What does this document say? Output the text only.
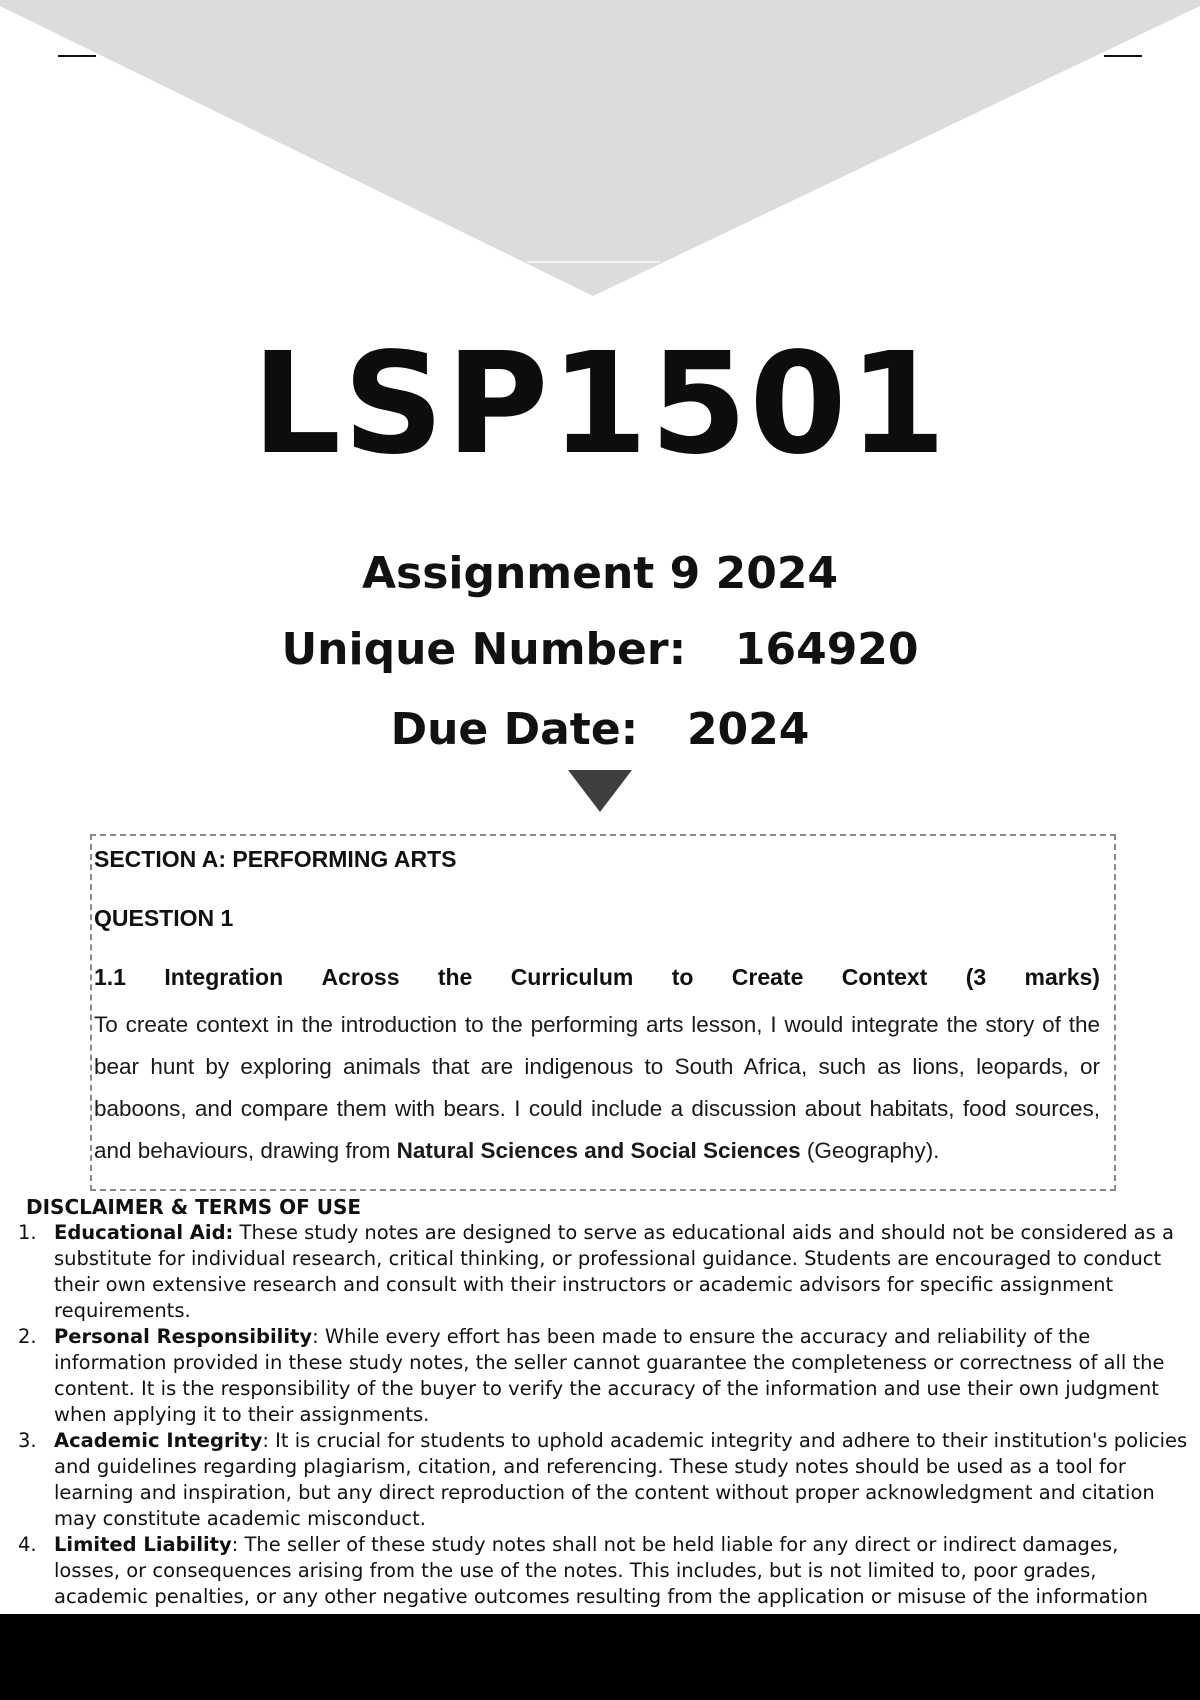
LSP1501
Assignment 9 2024
Unique Number: 164920
Due Date: 2024
SECTION A: PERFORMING ARTS
QUESTION 1
1.1 Integration Across the Curriculum to Create Context (3 marks)
To create context in the introduction to the performing arts lesson, I would integrate the story of the bear hunt by exploring animals that are indigenous to South Africa, such as lions, leopards, or baboons, and compare them with bears. I could include a discussion about habitats, food sources, and behaviours, drawing from Natural Sciences and Social Sciences (Geography).
DISCLAIMER & TERMS OF USE
1. Educational Aid: These study notes are designed to serve as educational aids and should not be considered as a substitute for individual research, critical thinking, or professional guidance. Students are encouraged to conduct their own extensive research and consult with their instructors or academic advisors for specific assignment requirements.
2. Personal Responsibility: While every effort has been made to ensure the accuracy and reliability of the information provided in these study notes, the seller cannot guarantee the completeness or correctness of all the content. It is the responsibility of the buyer to verify the accuracy of the information and use their own judgment when applying it to their assignments.
3. Academic Integrity: It is crucial for students to uphold academic integrity and adhere to their institution's policies and guidelines regarding plagiarism, citation, and referencing. These study notes should be used as a tool for learning and inspiration, but any direct reproduction of the content without proper acknowledgment and citation may constitute academic misconduct.
4. Limited Liability: The seller of these study notes shall not be held liable for any direct or indirect damages, losses, or consequences arising from the use of the notes. This includes, but is not limited to, poor grades, academic penalties, or any other negative outcomes resulting from the application or misuse of the information
